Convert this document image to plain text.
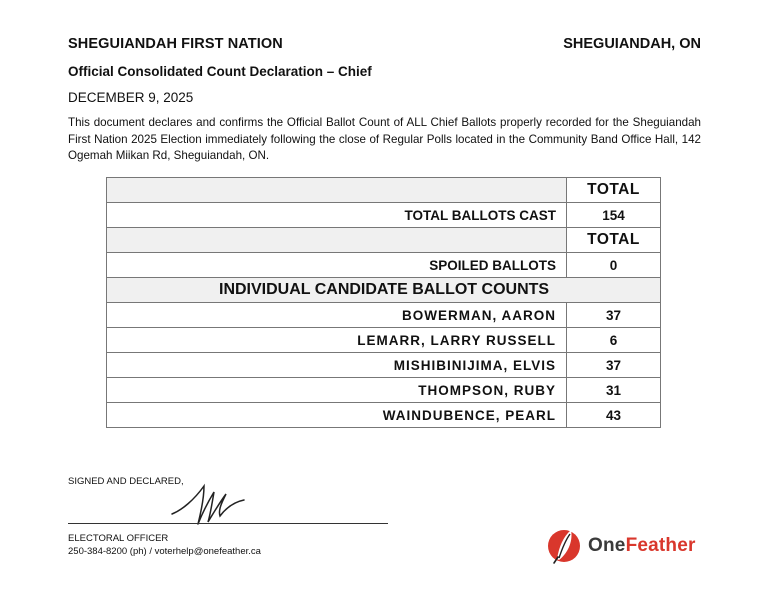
SHEGUIANDAH FIRST NATION	SHEGUIANDAH, ON
Official Consolidated Count Declaration – Chief
DECEMBER 9, 2025
This document declares and confirms the Official Ballot Count of ALL Chief Ballots properly recorded for the Sheguiandah First Nation 2025 Election immediately following the close of Regular Polls located in the Community Band Office Hall, 142 Ogemah Miikan Rd, Sheguiandah, ON.
	TOTAL
TOTAL BALLOTS CAST	154
	TOTAL
SPOILED BALLOTS	0
INDIVIDUAL CANDIDATE BALLOT COUNTS	
BOWERMAN, AARON	37
LEMARR, LARRY RUSSELL	6
MISHIBINIJIMA, ELVIS	37
THOMPSON, RUBY	31
WAINDUBENCE, PEARL	43
SIGNED AND DECLARED,
ELECTORAL OFFICER
250-384-8200 (ph) / voterhelp@onefeather.ca	OneFeather
